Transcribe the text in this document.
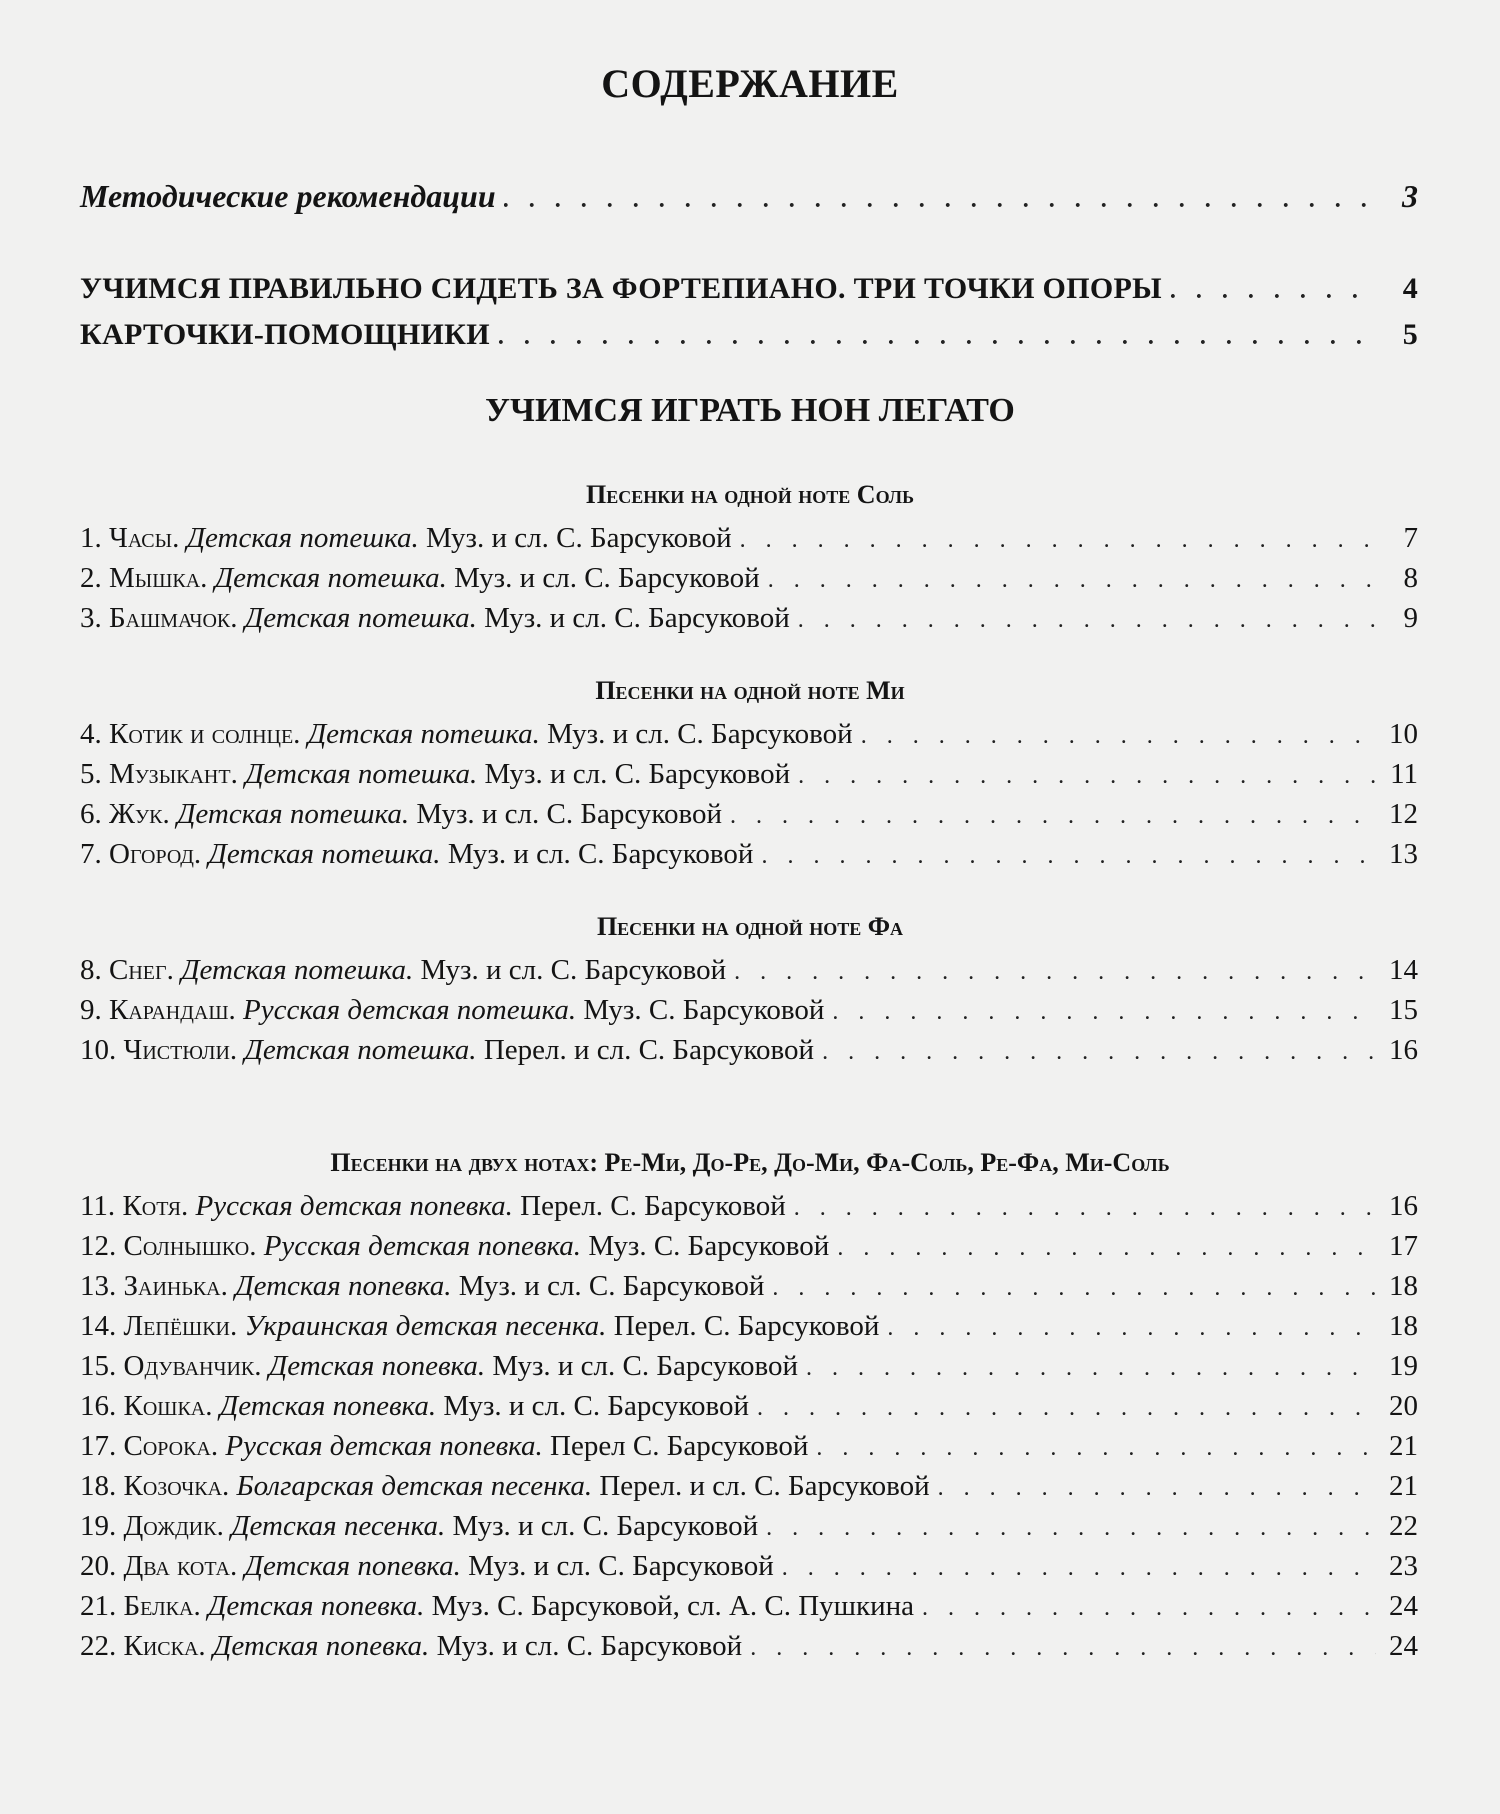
СОДЕРЖАНИЕ
Методические рекомендации . . .	3
УЧИМСЯ ПРАВИЛЬНО СИДЕТЬ ЗА ФОРТЕПИАНО. ТРИ ТОЧКИ ОПОРЫ . . .	4
КАРТОЧКИ-ПОМОЩНИКИ . . .	5
УЧИМСЯ ИГРАТЬ НОН ЛЕГАТО
Песенки на одной ноте Соль
1. Часы. Детская потешка. Муз. и сл. С. Барсуковой . . .	7
2. Мышка. Детская потешка. Муз. и сл. С. Барсуковой . . .	8
3. Башмачок. Детская потешка. Муз. и сл. С. Барсуковой . . .	9
Песенки на одной ноте Ми
4. Котик и солнце. Детская потешка. Муз. и сл. С. Барсуковой . . .	10
5. Музыкант. Детская потешка. Муз. и сл. С. Барсуковой . . .	11
6. Жук. Детская потешка. Муз. и сл. С. Барсуковой . . .	12
7. Огород. Детская потешка. Муз. и сл. С. Барсуковой . . .	13
Песенки на одной ноте Фа
8. Снег. Детская потешка. Муз. и сл. С. Барсуковой . . .	14
9. Карандаш. Русская детская потешка. Муз. С. Барсуковой . . .	15
10. Чистюли. Детская потешка. Перел. и сл. С. Барсуковой . . .	16
Песенки на двух нотах: Ре-Ми, До-Ре, До-Ми, Фа-Соль, Ре-Фа, Ми-Соль
11. Котя. Русская детская попевка. Перел. С. Барсуковой . . .	16
12. Солнышко. Русская детская попевка. Муз. С. Барсуковой . . .	17
13. Заинька. Детская попевка. Муз. и сл. С. Барсуковой . . .	18
14. Лепёшки. Украинская детская песенка. Перел. С. Барсуковой . . .	18
15. Одуванчик. Детская попевка. Муз. и сл. С. Барсуковой . . .	19
16. Кошка. Детская попевка. Муз. и сл. С. Барсуковой . . .	20
17. Сорока. Русская детская попевка. Перел С. Барсуковой . . .	21
18. Козочка. Болгарская детская песенка. Перел. и сл. С. Барсуковой . . .	21
19. Дождик. Детская песенка. Муз. и сл. С. Барсуковой . . .	22
20. Два кота. Детская попевка. Муз. и сл. С. Барсуковой . . .	23
21. Белка. Детская попевка. Муз. С. Барсуковой, сл. А. С. Пушкина . . .	24
22. Киска. Детская попевка. Муз. и сл. С. Барсуковой . . .	24
